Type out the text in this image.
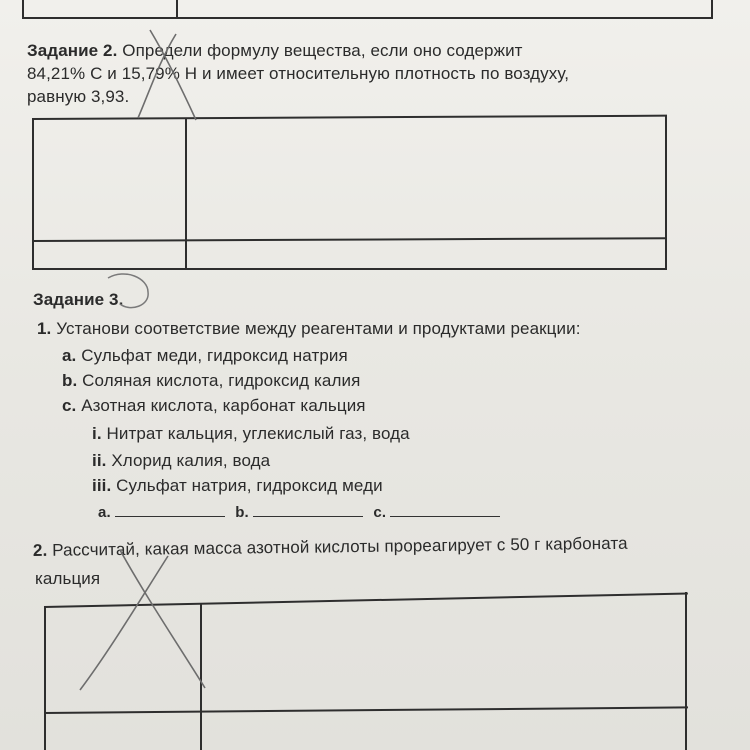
Задание 2. Определи формулу вещества, если оно содержит
84,21% C и 15,79% H и имеет относительную плотность по воздуху,
равную 3,93.
Задание 3.
1. Установи соответствие между реагентами и продуктами реакции:
a. Сульфат меди, гидроксид натрия
b. Соляная кислота, гидроксид калия
c. Азотная кислота, карбонат кальция
i. Нитрат кальция, углекислый газ, вода
ii. Хлорид калия, вода
iii. Сульфат натрия, гидроксид меди
a.	b.	c.
2. Рассчитай, какая масса азотной кислоты прореагирует с 50 г карбоната
кальция
